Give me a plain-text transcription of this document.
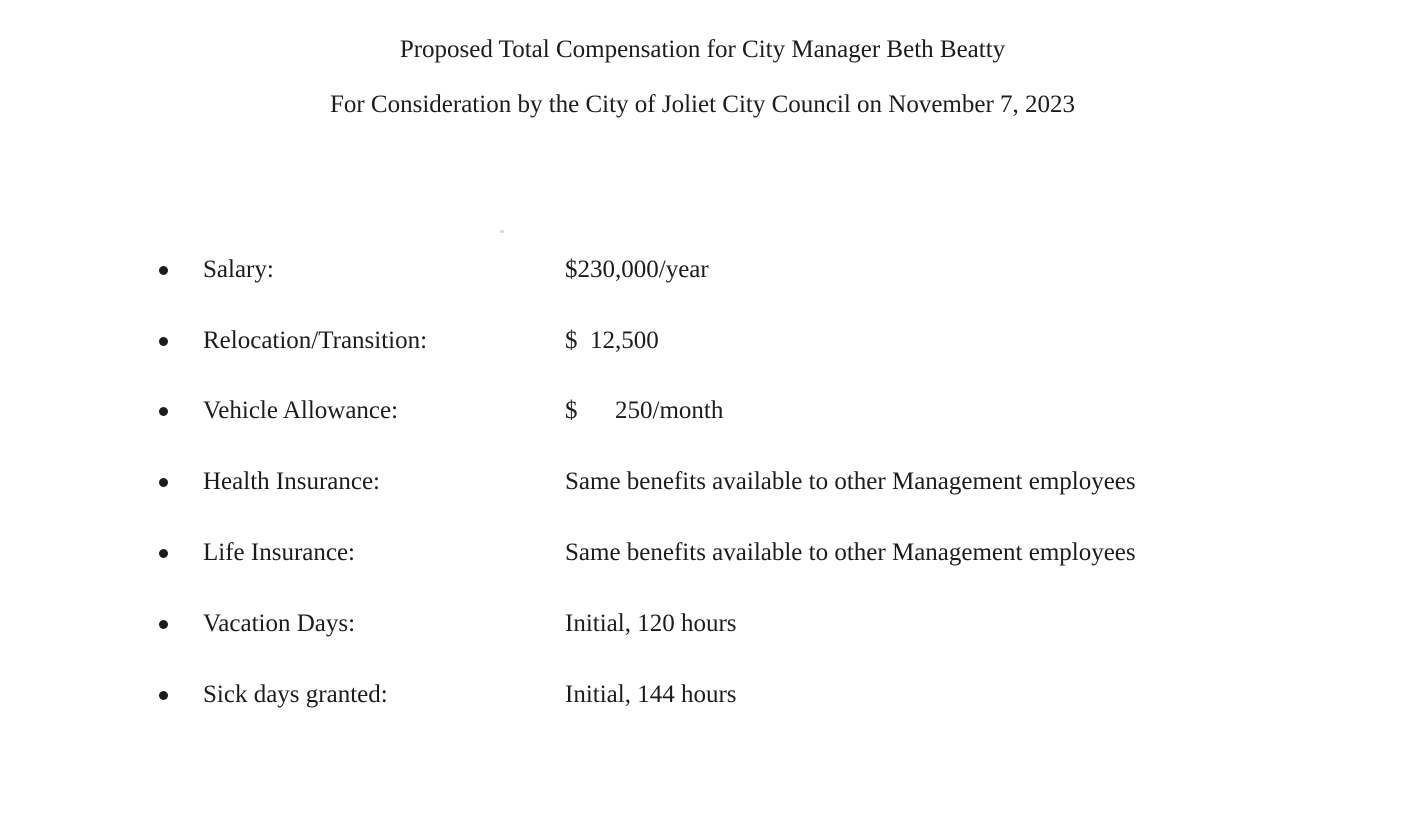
Proposed Total Compensation for City Manager Beth Beatty
For Consideration by the City of Joliet City Council on November 7, 2023
Salary:	$230,000/year
Relocation/Transition:	$  12,500
Vehicle Allowance:	$      250/month
Health Insurance:	Same benefits available to other Management employees
Life Insurance:	Same benefits available to other Management employees
Vacation Days:	Initial, 120 hours
Sick days granted:	Initial, 144 hours
